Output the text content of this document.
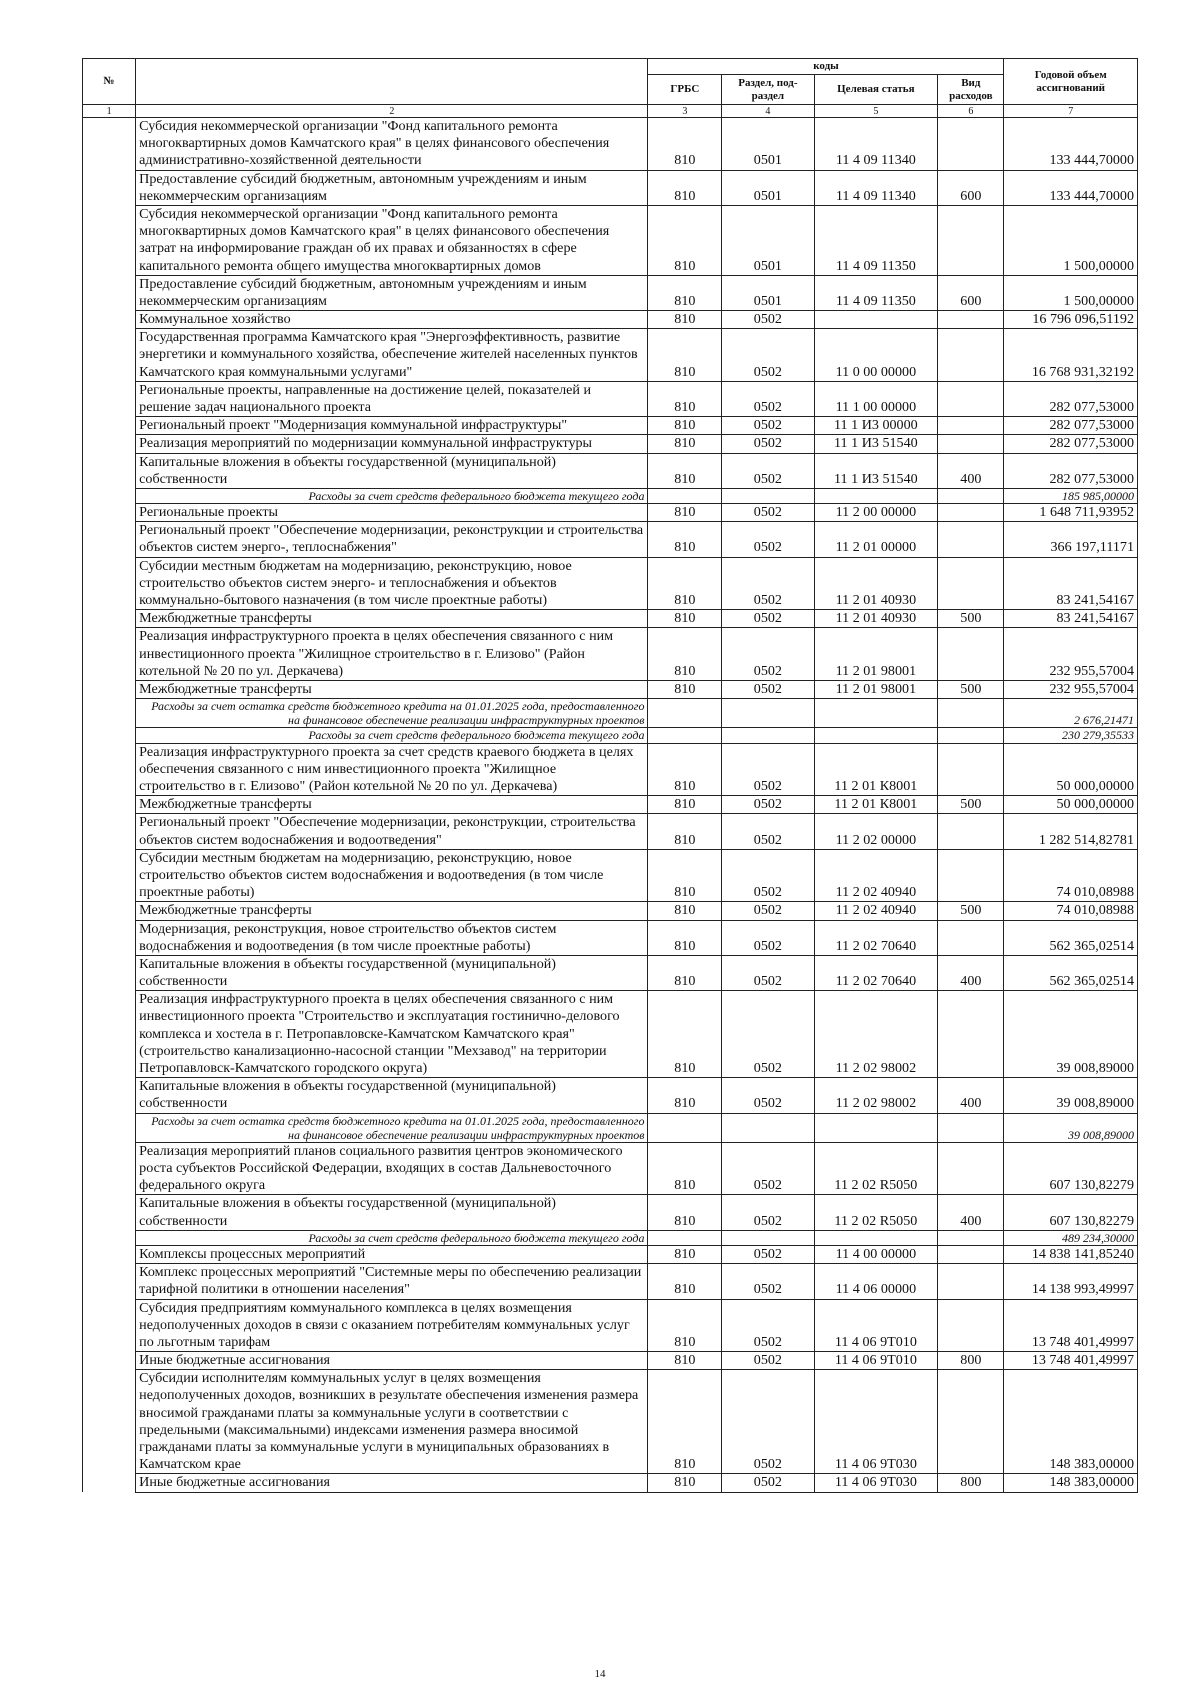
№		коды				Годовой объем ассигнований
		ГРБС	Раздел, под-раздел	Целевая статья	Вид расходов	
1	2	3	4	5	6	7
	Субсидия некоммерческой организации "Фонд капитального ремонта многоквартирных домов Камчатского края" в целях финансового обеспечения административно-хозяйственной деятельности	810	0501	11 4 09 11340		133 444,70000
	Предоставление субсидий бюджетным, автономным учреждениям и иным некоммерческим организациям	810	0501	11 4 09 11340	600	133 444,70000
	Субсидия некоммерческой организации "Фонд капитального ремонта многоквартирных домов Камчатского края" в целях финансового обеспечения затрат на информирование граждан об их правах и обязанностях в сфере капитального ремонта общего имущества многоквартирных домов	810	0501	11 4 09 11350		1 500,00000
	Предоставление субсидий бюджетным, автономным учреждениям и иным некоммерческим организациям	810	0501	11 4 09 11350	600	1 500,00000
	Коммунальное хозяйство	810	0502			16 796 096,51192
	Государственная программа Камчатского края "Энергоэффективность, развитие энергетики и коммунального хозяйства, обеспечение жителей населенных пунктов Камчатского края коммунальными услугами"	810	0502	11 0 00 00000		16 768 931,32192
	Региональные проекты, направленные на достижение целей, показателей и решение задач национального проекта	810	0502	11 1 00 00000		282 077,53000
	Региональный проект "Модернизация коммунальной инфраструктуры"	810	0502	11 1 И3 00000		282 077,53000
	Реализация мероприятий по модернизации коммунальной инфраструктуры	810	0502	11 1 И3 51540		282 077,53000
	Капитальные вложения в объекты государственной (муниципальной) собственности	810	0502	11 1 И3 51540	400	282 077,53000
	Расходы за счет средств федерального бюджета текущего года					185 985,00000
	Региональные проекты	810	0502	11 2 00 00000		1 648 711,93952
	Региональный проект "Обеспечение модернизации, реконструкции и строительства объектов систем энерго-, теплоснабжения"	810	0502	11 2 01 00000		366 197,11171
	Субсидии местным бюджетам на модернизацию, реконструкцию, новое строительство объектов систем энерго- и теплоснабжения и объектов коммунально-бытового назначения (в том числе проектные работы)	810	0502	11 2 01 40930		83 241,54167
	Межбюджетные трансферты	810	0502	11 2 01 40930	500	83 241,54167
	Реализация инфраструктурного проекта в целях обеспечения связанного с ним инвестиционного проекта "Жилищное строительство в г. Елизово" (Район котельной № 20 по ул. Деркачева)	810	0502	11 2 01 98001		232 955,57004
	Межбюджетные трансферты	810	0502	11 2 01 98001	500	232 955,57004
	Расходы за счет остатка средств бюджетного кредита на 01.01.2025 года, предоставленного на финансовое обеспечение реализации инфраструктурных проектов					2 676,21471
	Расходы за счет средств федерального бюджета текущего года					230 279,35533
	Реализация инфраструктурного проекта за счет средств краевого бюджета в целях обеспечения связанного с ним инвестиционного проекта "Жилищное строительство в г. Елизово" (Район котельной № 20 по ул. Деркачева)	810	0502	11 2 01 К8001		50 000,00000
	Межбюджетные трансферты	810	0502	11 2 01 К8001	500	50 000,00000
	Региональный проект "Обеспечение модернизации, реконструкции, строительства объектов систем водоснабжения и водоотведения"	810	0502	11 2 02 00000		1 282 514,82781
	Субсидии местным бюджетам на модернизацию, реконструкцию, новое строительство объектов систем водоснабжения и водоотведения (в том числе проектные работы)	810	0502	11 2 02 40940		74 010,08988
	Межбюджетные трансферты	810	0502	11 2 02 40940	500	74 010,08988
	Модернизация, реконструкция, новое строительство объектов систем водоснабжения и водоотведения (в том числе проектные работы)	810	0502	11 2 02 70640		562 365,02514
	Капитальные вложения в объекты государственной (муниципальной) собственности	810	0502	11 2 02 70640	400	562 365,02514
	Реализация инфраструктурного проекта в целях обеспечения связанного с ним инвестиционного проекта "Строительство и эксплуатация гостинично-делового комплекса и хостела в г. Петропавловске-Камчатском Камчатского края" (строительство канализационно-насосной станции "Мехзавод" на территории Петропавловск-Камчатского городского округа)	810	0502	11 2 02 98002		39 008,89000
	Капитальные вложения в объекты государственной (муниципальной) собственности	810	0502	11 2 02 98002	400	39 008,89000
	Расходы за счет остатка средств бюджетного кредита на 01.01.2025 года, предоставленного на финансовое обеспечение реализации инфраструктурных проектов					39 008,89000
	Реализация мероприятий планов социального развития центров экономического роста субъектов Российской Федерации, входящих в состав Дальневосточного федерального округа	810	0502	11 2 02 R5050		607 130,82279
	Капитальные вложения в объекты государственной (муниципальной) собственности	810	0502	11 2 02 R5050	400	607 130,82279
	Расходы за счет средств федерального бюджета текущего года					489 234,30000
	Комплексы процессных мероприятий	810	0502	11 4 00 00000		14 838 141,85240
	Комплекс процессных мероприятий "Системные меры по обеспечению реализации тарифной политики в отношении населения"	810	0502	11 4 06 00000		14 138 993,49997
	Субсидия предприятиям коммунального комплекса в целях возмещения недополученных доходов в связи с оказанием потребителям коммунальных услуг по льготным тарифам	810	0502	11 4 06 9Т010		13 748 401,49997
	Иные бюджетные ассигнования	810	0502	11 4 06 9Т010	800	13 748 401,49997
	Субсидии исполнителям коммунальных услуг в целях возмещения недополученных доходов, возникших в результате обеспечения изменения размера вносимой гражданами платы за коммунальные услуги в соответствии с предельными (максимальными) индексами изменения размера вносимой гражданами платы за коммунальные услуги в муниципальных образованиях в Камчатском крае	810	0502	11 4 06 9Т030		148 383,00000
	Иные бюджетные ассигнования	810	0502	11 4 06 9Т030	800	148 383,00000
14
